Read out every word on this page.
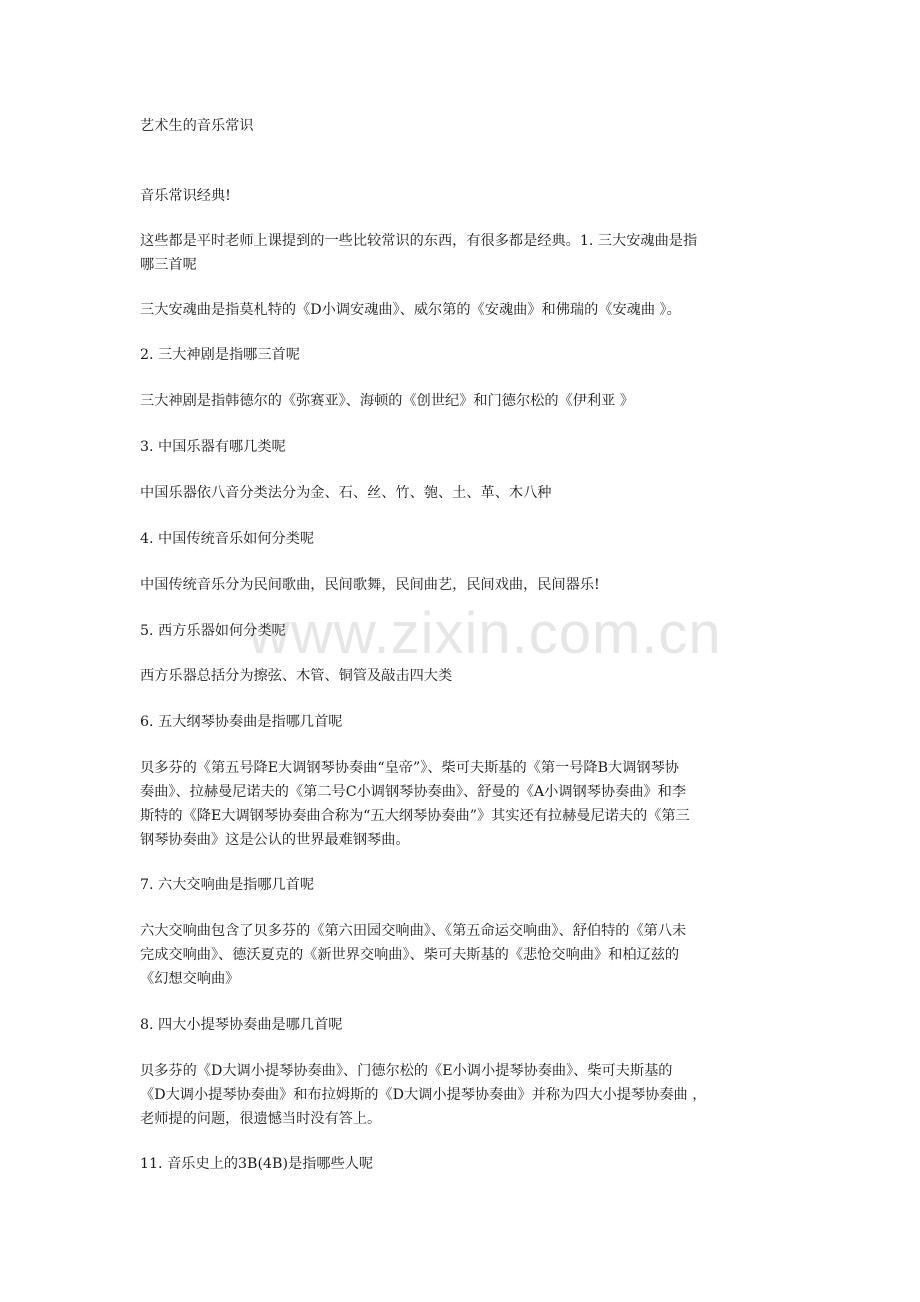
www.zixin.com.cn
艺术生的音乐常识
音乐常识经典!
这些都是平时老师上课提到的一些比较常识的东西，有很多都是经典。1. 三大安魂曲是指
哪三首呢
三大安魂曲是指莫札特的《D小调安魂曲》、威尔第的《安魂曲》和佛瑞的《安魂曲 》。
2. 三大神剧是指哪三首呢
三大神剧是指韩德尔的《弥赛亚》、海顿的《创世纪》和门德尔松的《伊利亚 》
3. 中国乐器有哪几类呢
中国乐器依八音分类法分为金、石、丝、竹、匏、土、革、木八种
4. 中国传统音乐如何分类呢
中国传统音乐分为民间歌曲，民间歌舞，民间曲艺，民间戏曲，民间器乐!
5. 西方乐器如何分类呢
西方乐器总括分为擦弦、木管、铜管及敲击四大类
6. 五大纲琴协奏曲是指哪几首呢
贝多芬的《第五号降E大调钢琴协奏曲“皇帝”》、柴可夫斯基的《第一号降B大调钢琴协
奏曲》、拉赫曼尼诺夫的《第二号C小调钢琴协奏曲》、舒曼的《A小调钢琴协奏曲》和李
斯特的《降E大调钢琴协奏曲合称为“五大纲琴协奏曲”》其实还有拉赫曼尼诺夫的《第三
钢琴协奏曲》这是公认的世界最难钢琴曲。
7. 六大交响曲是指哪几首呢
六大交响曲包含了贝多芬的《第六田园交响曲》、《第五命运交响曲》、舒伯特的《第八未
完成交响曲》、德沃夏克的《新世界交响曲》、柴可夫斯基的《悲怆交响曲》和柏辽兹的
《幻想交响曲》
8. 四大小提琴协奏曲是哪几首呢
贝多芬的《D大调小提琴协奏曲》、门德尔松的《E小调小提琴协奏曲》、柴可夫斯基的
《D大调小提琴协奏曲》和布拉姆斯的《D大调小提琴协奏曲》并称为四大小提琴协奏曲 ，
老师提的问题，很遗憾当时没有答上。
11. 音乐史上的3B(4B)是指哪些人呢
